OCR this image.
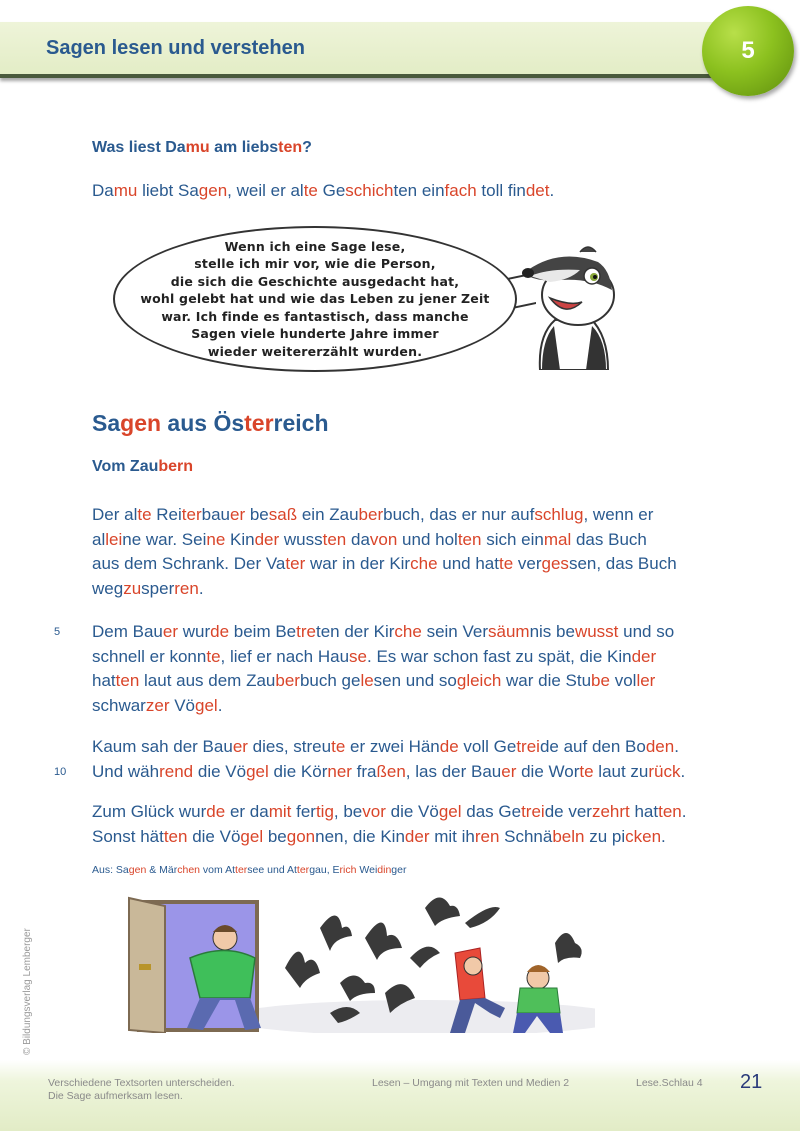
Sagen lesen und verstehen	5
Was liest Damu am liebsten?
Damu liebt Sagen, weil er alte Geschichten einfach toll findet.
Wenn ich eine Sage lese,
stelle ich mir vor, wie die Person,
die sich die Geschichte ausgedacht hat,
wohl gelebt hat und wie das Leben zu jener Zeit
war. Ich finde es fantastisch, dass manche
Sagen viele hunderte Jahre immer
wieder weitererzählt wurden.
Sagen aus Österreich
Vom Zaubern
Der alte Reiterbauer besaß ein Zauberbuch, das er nur aufschlug, wenn er
alleine war. Seine Kinder wussten davon und holten sich einmal das Buch
aus dem Schrank. Der Vater war in der Kirche und hatte vergessen, das Buch
wegzusperren.
Dem Bauer wurde beim Betreten der Kirche sein Versäumnis bewusst und so
schnell er konnte, lief er nach Hause. Es war schon fast zu spät, die Kinder
hatten laut aus dem Zauberbuch gelesen und sogleich war die Stube voller
schwarzer Vögel.
5
Kaum sah der Bauer dies, streute er zwei Hände voll Getreide auf den Boden.
Und während die Vögel die Körner fraßen, las der Bauer die Worte laut zurück.
10
Zum Glück wurde er damit fertig, bevor die Vögel das Getreide verzehrt hatten.
Sonst hätten die Vögel begonnen, die Kinder mit ihren Schnäbeln zu picken.
Aus: Sagen & Märchen vom Attersee und Attergau, Erich Weidinger
© Bildungsverlag Lemberger
Verschiedene Textsorten unterscheiden.
Die Sage aufmerksam lesen.
Lesen – Umgang mit Texten und Medien 2	Lese.Schlau 4 21
